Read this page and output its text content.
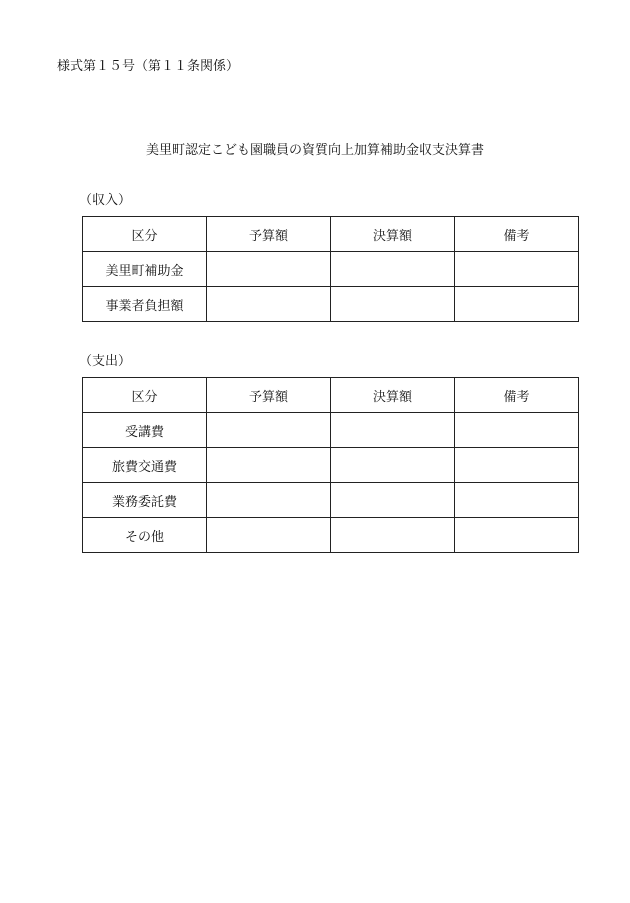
様式第１５号（第１１条関係）
美里町認定こども園職員の資質向上加算補助金収支決算書
（収入）
区分	予算額	決算額	備考
美里町補助金			
事業者負担額			
（支出）
区分	予算額	決算額	備考
受講費			
旅費交通費			
業務委託費			
その他			
